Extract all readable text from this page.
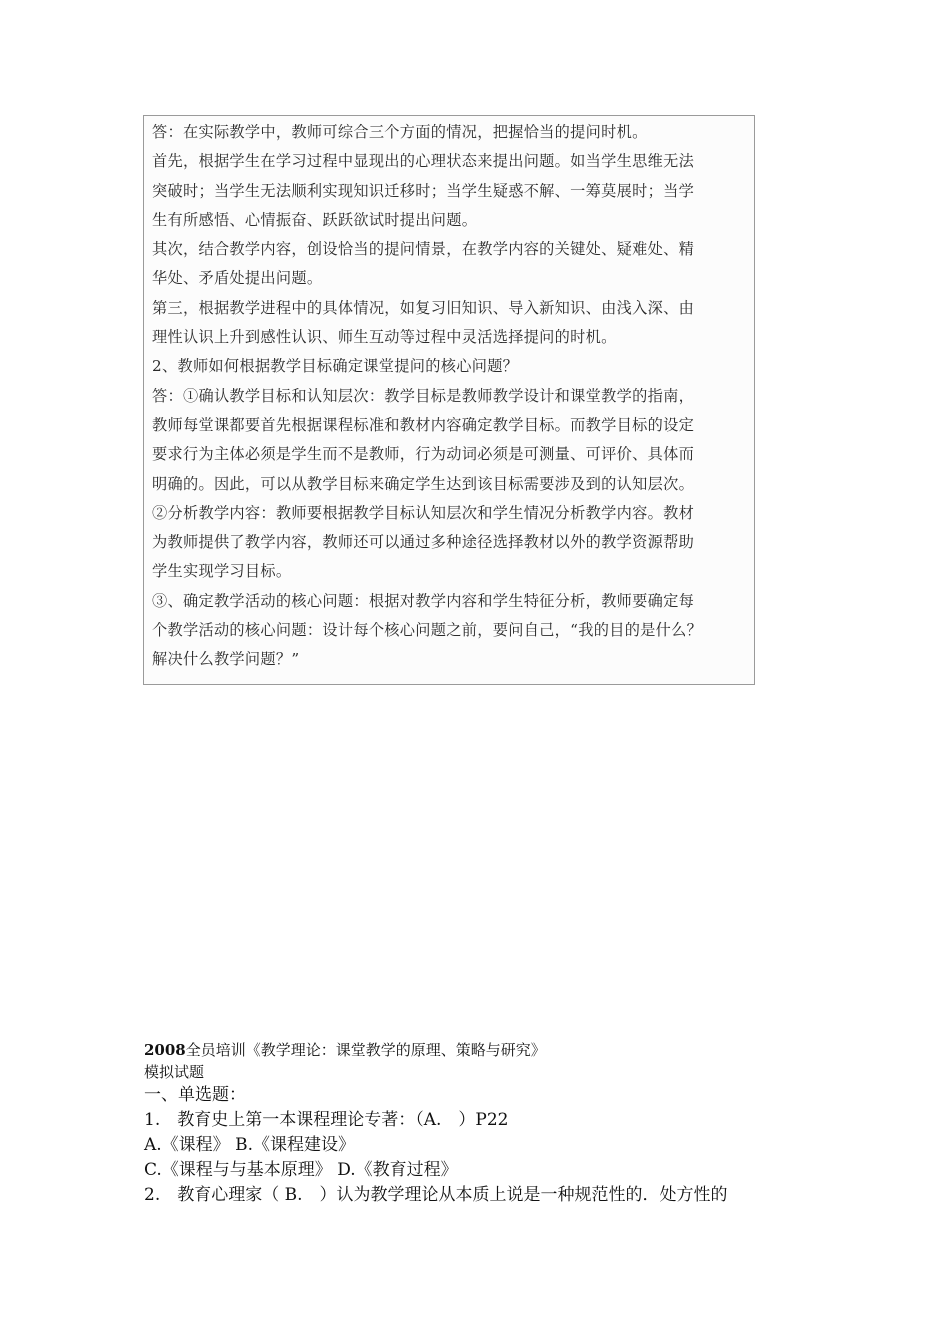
答：在实际教学中，教师可综合三个方面的情况，把握恰当的提问时机。
首先，根据学生在学习过程中显现出的心理状态来提出问题。如当学生思维无法
突破时；当学生无法顺利实现知识迁移时；当学生疑惑不解、一筹莫展时；当学
生有所感悟、心情振奋、跃跃欲试时提出问题。
其次，结合教学内容，创设恰当的提问情景，在教学内容的关键处、疑难处、精
华处、矛盾处提出问题。
第三，根据教学进程中的具体情况，如复习旧知识、导入新知识、由浅入深、由
理性认识上升到感性认识、师生互动等过程中灵活选择提问的时机。
2、教师如何根据教学目标确定课堂提问的核心问题？
答：①确认教学目标和认知层次：教学目标是教师教学设计和课堂教学的指南，
教师每堂课都要首先根据课程标准和教材内容确定教学目标。而教学目标的设定
要求行为主体必须是学生而不是教师，行为动词必须是可测量、可评价、具体而
明确的。因此，可以从教学目标来确定学生达到该目标需要涉及到的认知层次。
②分析教学内容：教师要根据教学目标认知层次和学生情况分析教学内容。教材
为教师提供了教学内容，教师还可以通过多种途径选择教材以外的教学资源帮助
学生实现学习目标。
③、确定教学活动的核心问题：根据对教学内容和学生特征分析，教师要确定每
个教学活动的核心问题：设计每个核心问题之前，要问自己，“我的目的是什么？
解决什么教学问题？”
2008全员培训《教学理论：课堂教学的原理、策略与研究》
模拟试题
一、单选题：
1.　教育史上第一本课程理论专著：（A.　）P22
A.《课程》 B.《课程建设》
C.《课程与与基本原理》 D.《教育过程》
2.　教育心理家（ B.　）认为教学理论从本质上说是一种规范性的．处方性的
